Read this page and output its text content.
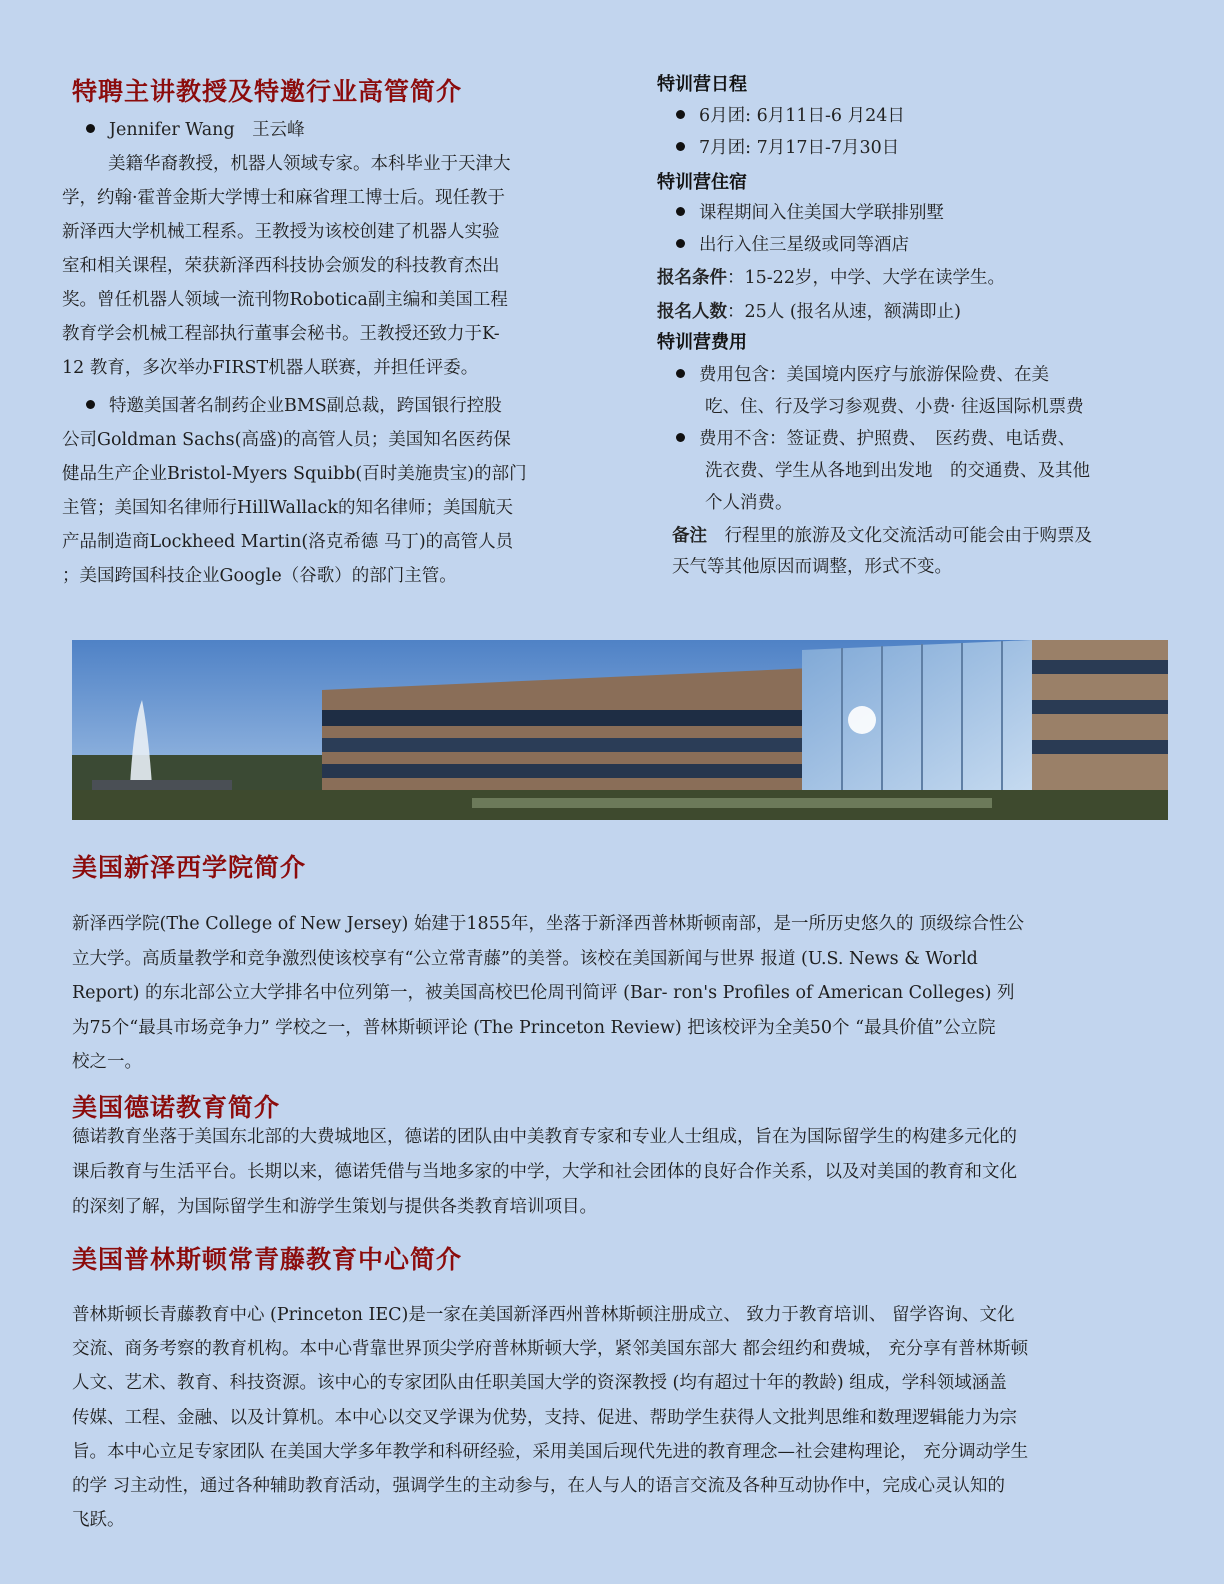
特聘主讲教授及特邀行业高管简介
Jennifer Wang　王云峰
美籍华裔教授，机器人领域专家。本科毕业于天津大
学，约翰·霍普金斯大学博士和麻省理工博士后。现任教于
新泽西大学机械工程系。王教授为该校创建了机器人实验
室和相关课程，荣获新泽西科技协会颁发的科技教育杰出
奖。曾任机器人领域一流刊物Robotica副主编和美国工程
教育学会机械工程部执行董事会秘书。王教授还致力于K-
12 教育，多次举办FIRST机器人联赛，并担任评委。
特邀美国著名制药企业BMS副总裁，跨国银行控股
公司Goldman Sachs(高盛)的高管人员；美国知名医药保
健品生产企业Bristol-Myers Squibb(百时美施贵宝)的部门
主管；美国知名律师行HillWallack的知名律师；美国航天
产品制造商Lockheed Martin(洛克希德 马丁)的高管人员
；美国跨国科技企业Google（谷歌）的部门主管。
特训营日程
6月团: 6月11日-6 月24日
7月团: 7月17日-7月30日
特训营住宿
课程期间入住美国大学联排别墅
出行入住三星级或同等酒店
报名条件：15-22岁，中学、大学在读学生。
报名人数：25人 (报名从速，额满即止)
特训营费用
费用包含：美国境内医疗与旅游保险费、在美
吃、住、行及学习参观费、小费· 往返国际机票费
费用不含：签证费、护照费、　医药费、电话费、
洗衣费、学生从各地到出发地　的交通费、及其他
个人消费。
备注　行程里的旅游及文化交流活动可能会由于购票及
天气等其他原因而调整，形式不变。
美国新泽西学院简介
新泽西学院(The College of New Jersey) 始建于1855年，坐落于新泽西普林斯顿南部，是一所历史悠久的 顶级综合性公
立大学。高质量教学和竞争激烈使该校享有“公立常青藤”的美誉。该校在美国新闻与世界 报道 (U.S. News & World
Report) 的东北部公立大学排名中位列第一，被美国高校巴伦周刊简评 (Bar- ron's Profiles of American Colleges) 列
为75个“最具市场竞争力” 学校之一，普林斯顿评论 (The Princeton Review) 把该校评为全美50个 “最具价值”公立院
校之一。
美国德诺教育简介
德诺教育坐落于美国东北部的大费城地区，德诺的团队由中美教育专家和专业人士组成，旨在为国际留学生的构建多元化的
课后教育与生活平台。长期以来，德诺凭借与当地多家的中学，大学和社会团体的良好合作关系，以及对美国的教育和文化
的深刻了解，为国际留学生和游学生策划与提供各类教育培训项目。
美国普林斯顿常青藤教育中心简介
普林斯顿长青藤教育中心 (Princeton IEC)是一家在美国新泽西州普林斯顿注册成立、 致力于教育培训、 留学咨询、文化
交流、商务考察的教育机构。本中心背靠世界顶尖学府普林斯顿大学，紧邻美国东部大 都会纽约和费城， 充分享有普林斯顿
人文、艺术、教育、科技资源。该中心的专家团队由任职美国大学的资深教授 (均有超过十年的教龄) 组成，学科领域涵盖
传媒、工程、金融、以及计算机。本中心以交叉学课为优势，支持、促进、帮助学生获得人文批判思维和数理逻辑能力为宗
旨。本中心立足专家团队 在美国大学多年教学和科研经验，采用美国后现代先进的教育理念—社会建构理论， 充分调动学生
的学 习主动性，通过各种辅助教育活动，强调学生的主动参与，在人与人的语言交流及各种互动协作中，完成心灵认知的
飞跃。
